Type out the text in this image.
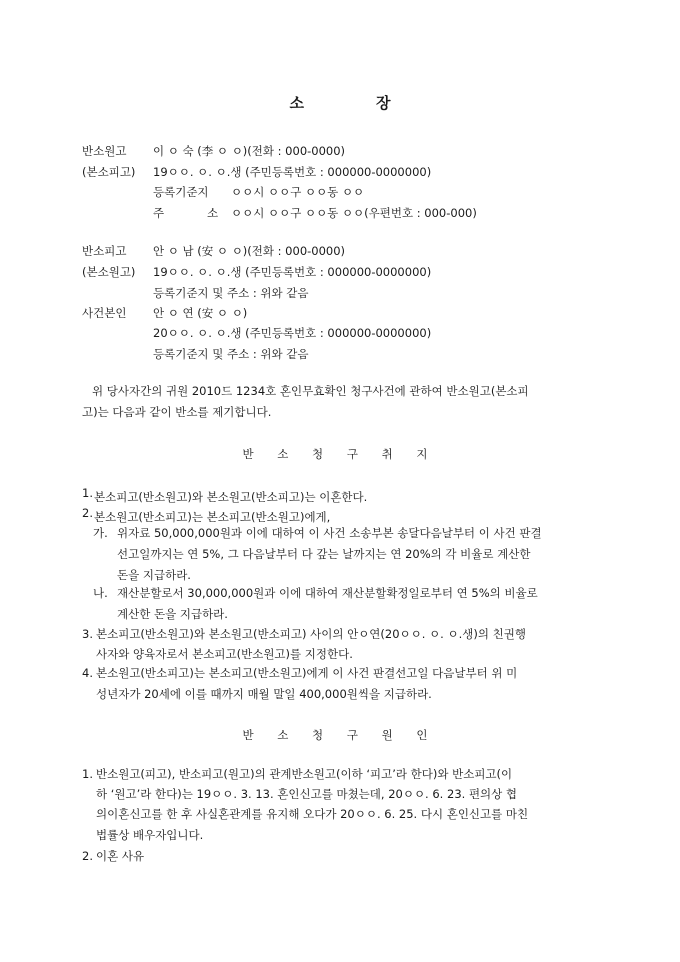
소	장
반소원고 이 ㅇ 숙 (李 ㅇ ㅇ)(전화 : 000-0000)
(본소피고) 19ㅇㅇ. ㅇ. ㅇ.생 (주민등록번호 : 000000-0000000)
등록기준지 ㅇㅇ시 ㅇㅇ구 ㅇㅇ동 ㅇㅇ
주	소 ㅇㅇ시 ㅇㅇ구 ㅇㅇ동 ㅇㅇ(우편번호 : 000-000)
반소피고 안 ㅇ 남 (安 ㅇ ㅇ)(전화 : 000-0000)
(본소원고) 19ㅇㅇ. ㅇ. ㅇ.생 (주민등록번호 : 000000-0000000)
등록기준지 및 주소 : 위와 같음
사건본인 안 ㅇ 연 (安 ㅇ ㅇ)
20ㅇㅇ. ㅇ. ㅇ.생 (주민등록번호 : 000000-0000000)
등록기준지 및 주소 : 위와 같음
위 당사자간의 귀원 2010드 1234호 혼인무효확인 청구사건에 관하여 반소원고(본소피
고)는 다음과 같이 반소를 제기합니다.
반 소 청 구 취 지
1. 본소피고(반소원고)와 본소원고(반소피고)는 이혼한다.
2. 본소원고(반소피고)는 본소피고(반소원고)에게,
가. 위자료 50,000,000원과 이에 대하여 이 사건 소송부본 송달다음날부터 이 사건 판결
선고일까지는 연 5%, 그 다음날부터 다 갚는 날까지는 연 20%의 각 비율로 계산한
돈을 지급하라.
나. 재산분할로서 30,000,000원과 이에 대하여 재산분할확정일로부터 연 5%의 비율로
계산한 돈을 지급하라.
3. 본소피고(반소원고)와 본소원고(반소피고) 사이의 안ㅇ연(20ㅇㅇ. ㅇ. ㅇ.생)의 친권행
사자와 양육자로서 본소피고(반소원고)를 지정한다.
4. 본소원고(반소피고)는 본소피고(반소원고)에게 이 사건 판결선고일 다음날부터 위 미
성년자가 20세에 이를 때까지 매월 말일 400,000원씩을 지급하라.
반 소 청 구 원 인
1. 반소원고(피고), 반소피고(원고)의 관계반소원고(이하 ‘피고’라 한다)와 반소피고(이
하 ‘원고’라 한다)는 19ㅇㅇ. 3. 13. 혼인신고를 마쳤는데, 20ㅇㅇ. 6. 23. 편의상 협
의이혼신고를 한 후 사실혼관계를 유지해 오다가 20ㅇㅇ. 6. 25. 다시 혼인신고를 마친
법률상 배우자입니다.
2. 이혼 사유
